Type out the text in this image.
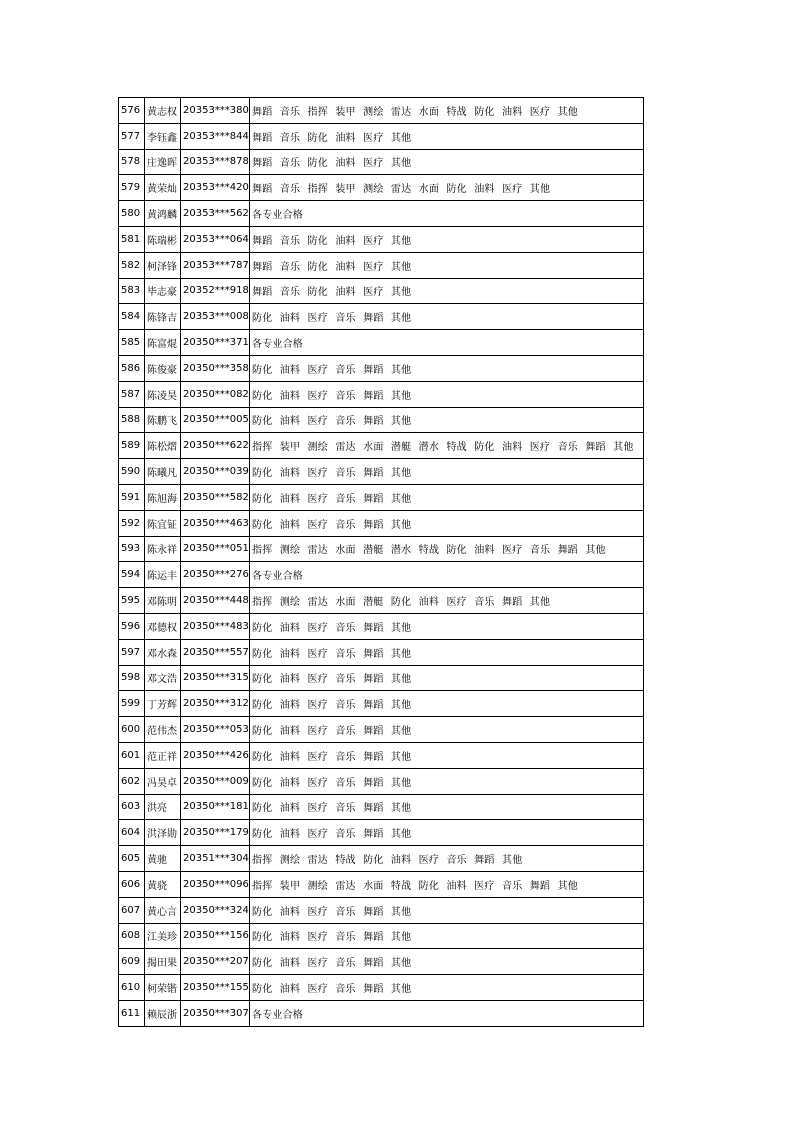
576	黄志权	20353***380	舞蹈 音乐 指挥 装甲 测绘 雷达 水面 特战 防化 油料 医疗 其他
577	李钰鑫	20353***844	舞蹈 音乐 防化 油料 医疗 其他
578	庄逸晖	20353***878	舞蹈 音乐 防化 油料 医疗 其他
579	黄荣灿	20353***420	舞蹈 音乐 指挥 装甲 测绘 雷达 水面 防化 油料 医疗 其他
580	黄鸿麟	20353***562	各专业合格
581	陈瑞彬	20353***064	舞蹈 音乐 防化 油料 医疗 其他
582	柯泽锋	20353***787	舞蹈 音乐 防化 油料 医疗 其他
583	毕志豪	20352***918	舞蹈 音乐 防化 油料 医疗 其他
584	陈锋吉	20353***008	防化 油料 医疗 音乐 舞蹈 其他
585	陈富焜	20350***371	各专业合格
586	陈俊豪	20350***358	防化 油料 医疗 音乐 舞蹈 其他
587	陈凌昊	20350***082	防化 油料 医疗 音乐 舞蹈 其他
588	陈鹏飞	20350***005	防化 油料 医疗 音乐 舞蹈 其他
589	陈松熠	20350***622	指挥 装甲 测绘 雷达 水面 潜艇 潜水 特战 防化 油料 医疗 音乐 舞蹈 其他
590	陈曦凡	20350***039	防化 油料 医疗 音乐 舞蹈 其他
591	陈旭海	20350***582	防化 油料 医疗 音乐 舞蹈 其他
592	陈宜钲	20350***463	防化 油料 医疗 音乐 舞蹈 其他
593	陈永祥	20350***051	指挥 测绘 雷达 水面 潜艇 潜水 特战 防化 油料 医疗 音乐 舞蹈 其他
594	陈运丰	20350***276	各专业合格
595	邓陈明	20350***448	指挥 测绘 雷达 水面 潜艇 防化 油料 医疗 音乐 舞蹈 其他
596	邓德权	20350***483	防化 油料 医疗 音乐 舞蹈 其他
597	邓水森	20350***557	防化 油料 医疗 音乐 舞蹈 其他
598	邓文浩	20350***315	防化 油料 医疗 音乐 舞蹈 其他
599	丁芳辉	20350***312	防化 油料 医疗 音乐 舞蹈 其他
600	范伟杰	20350***053	防化 油料 医疗 音乐 舞蹈 其他
601	范正祥	20350***426	防化 油料 医疗 音乐 舞蹈 其他
602	冯昊卓	20350***009	防化 油料 医疗 音乐 舞蹈 其他
603	洪亮	20350***181	防化 油料 医疗 音乐 舞蹈 其他
604	洪泽勋	20350***179	防化 油料 医疗 音乐 舞蹈 其他
605	黄驰	20351***304	指挥 测绘 雷达 特战 防化 油料 医疗 音乐 舞蹈 其他
606	黄骁	20350***096	指挥 装甲 测绘 雷达 水面 特战 防化 油料 医疗 音乐 舞蹈 其他
607	黄心言	20350***324	防化 油料 医疗 音乐 舞蹈 其他
608	江美珍	20350***156	防化 油料 医疗 音乐 舞蹈 其他
609	揭田果	20350***207	防化 油料 医疗 音乐 舞蹈 其他
610	柯荣锴	20350***155	防化 油料 医疗 音乐 舞蹈 其他
611	赖辰浙	20350***307	各专业合格
